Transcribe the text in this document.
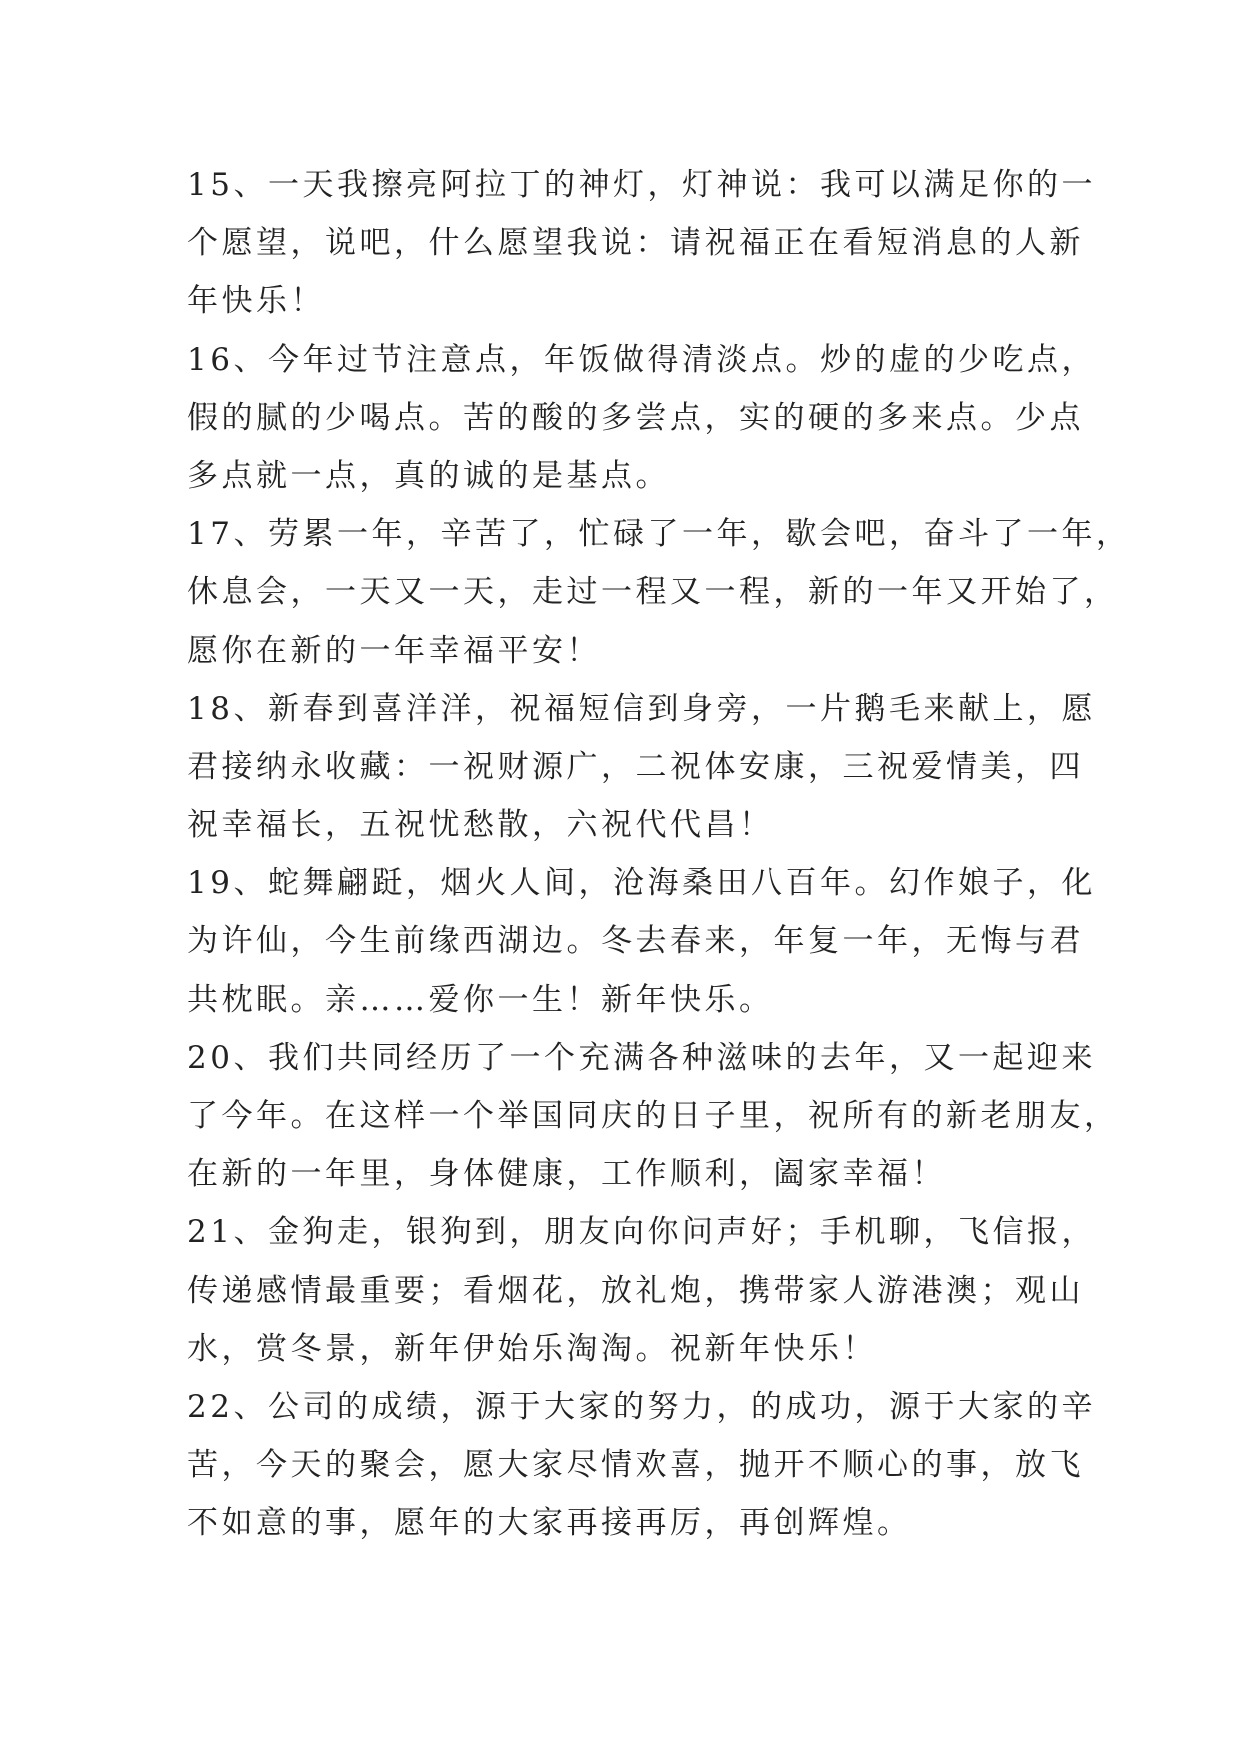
15、一天我擦亮阿拉丁的神灯，灯神说：我可以满足你的一
个愿望，说吧，什么愿望我说：请祝福正在看短消息的人新
年快乐！
16、今年过节注意点，年饭做得清淡点。炒的虚的少吃点，
假的腻的少喝点。苦的酸的多尝点，实的硬的多来点。少点
多点就一点，真的诚的是基点。
17、劳累一年，辛苦了，忙碌了一年，歇会吧，奋斗了一年，
休息会，一天又一天，走过一程又一程，新的一年又开始了，
愿你在新的一年幸福平安！
18、新春到喜洋洋，祝福短信到身旁，一片鹅毛来献上，愿
君接纳永收藏：一祝财源广，二祝体安康，三祝爱情美，四
祝幸福长，五祝忧愁散，六祝代代昌！
19、蛇舞翩跹，烟火人间，沧海桑田八百年。幻作娘子，化
为许仙，今生前缘西湖边。冬去春来，年复一年，无悔与君
共枕眠。亲……爱你一生！新年快乐。
20、我们共同经历了一个充满各种滋味的去年，又一起迎来
了今年。在这样一个举国同庆的日子里，祝所有的新老朋友，
在新的一年里，身体健康，工作顺利，阖家幸福！
21、金狗走，银狗到，朋友向你问声好；手机聊，飞信报，
传递感情最重要；看烟花，放礼炮，携带家人游港澳；观山
水，赏冬景，新年伊始乐淘淘。祝新年快乐！
22、公司的成绩，源于大家的努力，的成功，源于大家的辛
苦，今天的聚会，愿大家尽情欢喜，抛开不顺心的事，放飞
不如意的事，愿年的大家再接再厉，再创辉煌。
